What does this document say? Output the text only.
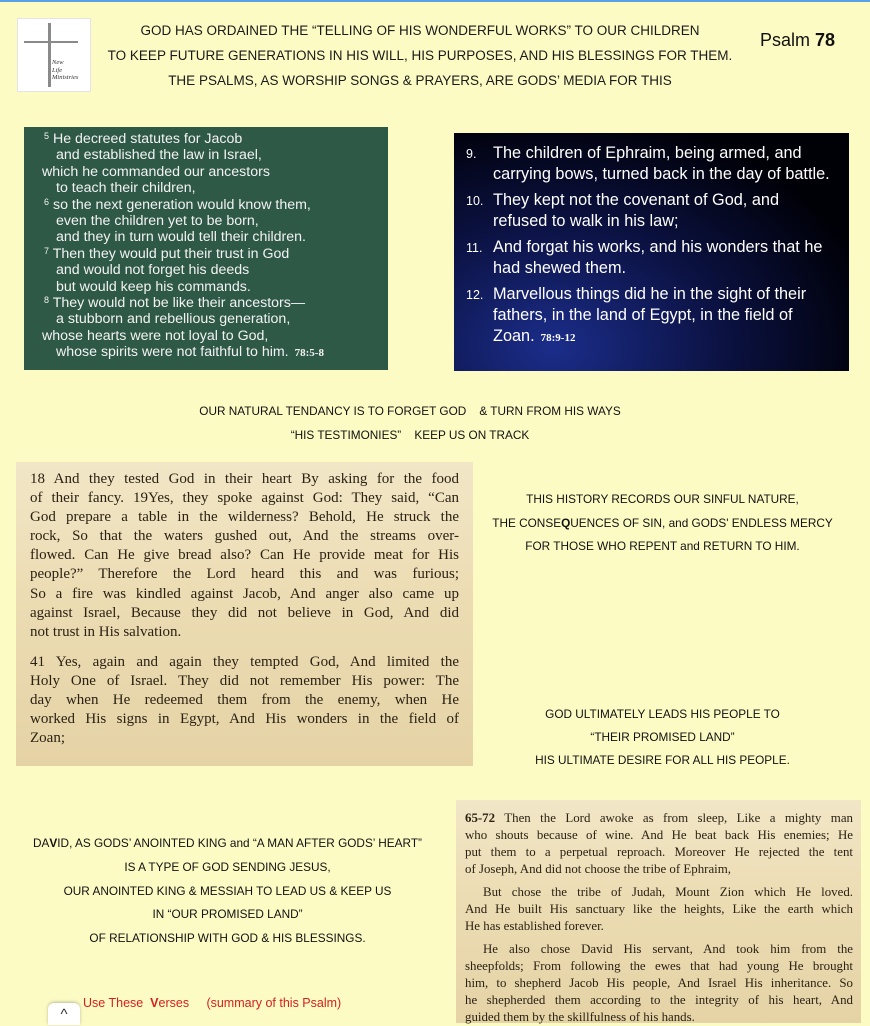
New
Life
Ministries
GOD HAS ORDAINED THE “TELLING OF HIS WONDERFUL WORKS” TO OUR CHILDREN
TO KEEP FUTURE GENERATIONS IN HIS WILL, HIS PURPOSES, AND HIS BLESSINGS FOR THEM.
THE PSALMS, AS WORSHIP SONGS & PRAYERS, ARE GODS’ MEDIA FOR THIS
Psalm 78
$^5$ He decreed statutes for Jacob
and established the law in Israel,
which he commanded our ancestors
to teach their children,
$^6$ so the next generation would know them,
even the children yet to be born,
and they in turn would tell their children.
$^7$ Then they would put their trust in God
and would not forget his deeds
but would keep his commands.
$^8$ They would not be like their ancestors—
a stubborn and rebellious generation,
whose hearts were not loyal to God,
whose spirits were not faithful to him. 78:5-8
9.	The children of Ephraim, being armed, and carrying bows, turned back in the day of battle.
10. They kept not the covenant of God, and refused to walk in his law;
11. And forgat his works, and his wonders that he had shewed them.
12. Marvellous things did he in the sight of their fathers, in the land of Egypt, in the field of Zoan. 78:9-12
OUR NATURAL TENDANCY IS TO FORGET GOD    & TURN FROM HIS WAYS
“HIS TESTIMONIES”    KEEP US ON TRACK
18 And they tested God in their heart By asking for the food
of their fancy. 19Yes, they spoke against God: They said, “Can
God prepare a table in the wilderness? Behold, He struck the
rock, So that the waters gushed out, And the streams over-
flowed. Can He give bread also? Can He provide meat for His
people?” Therefore the Lord heard this and was furious;
So a fire was kindled against Jacob, And anger also came up
against Israel, Because they did not believe in God, And did
not trust in His salvation.
41 Yes, again and again they tempted God, And limited the
Holy One of Israel. They did not remember His power: The
day when He redeemed them from the enemy, when He
worked His signs in Egypt, And His wonders in the field of
Zoan;
THIS HISTORY RECORDS OUR SINFUL NATURE,
THE CONSEQUENCES OF SIN, and GODS' ENDLESS MERCY
FOR THOSE WHO REPENT and RETURN TO HIM.
GOD ULTIMATELY LEADS HIS PEOPLE TO
“THEIR PROMISED LAND”
HIS ULTIMATE DESIRE FOR ALL HIS PEOPLE.
65-72 Then the Lord awoke as from sleep, Like a mighty man
who shouts because of wine. And He beat back His enemies; He
put them to a perpetual reproach. Moreover He rejected the tent
of Joseph, And did not choose the tribe of Ephraim,
But chose the tribe of Judah, Mount Zion which He loved.
And He built His sanctuary like the heights, Like the earth which
He has established forever.
He also chose David His servant, And took him from the
sheepfolds; From following the ewes that had young He brought
him, to shepherd Jacob His people, And Israel His inheritance. So
he shepherded them according to the integrity of his heart, And
guided them by the skillfulness of his hands.
DAVID, AS GODS’ ANOINTED KING and “A MAN AFTER GODS’ HEART”
IS A TYPE OF GOD SENDING JESUS,
OUR ANOINTED KING & MESSIAH TO LEAD US & KEEP US
IN “OUR PROMISED LAND”
OF RELATIONSHIP WITH GOD & HIS BLESSINGS.
Use These  Verses     (summary of this Psalm)
^
